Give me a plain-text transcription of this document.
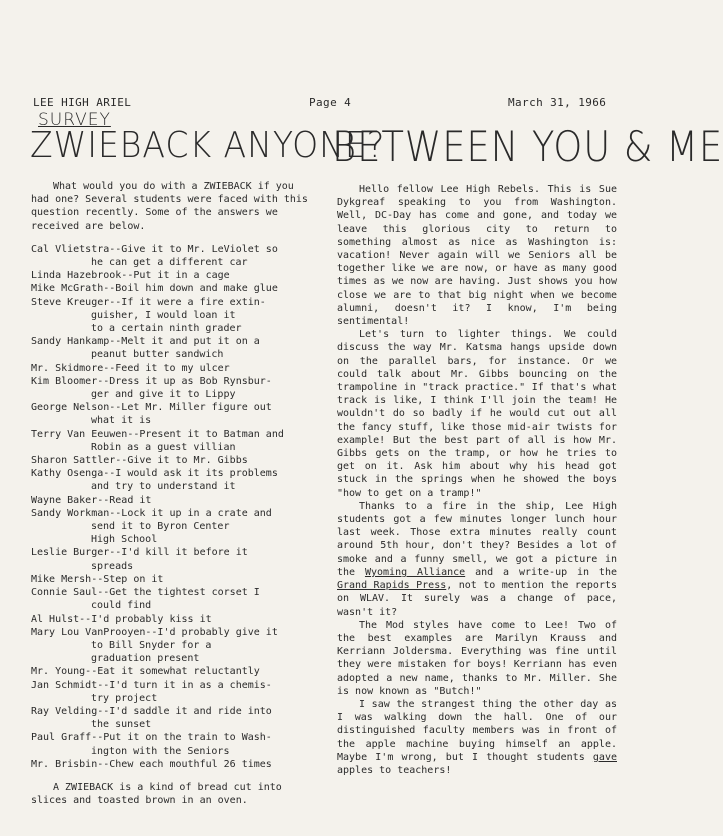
LEE HIGH ARIEL	Page 4	March 31, 1966
SURVEY
ZWIEBACK ANYONE?
BETWEEN YOU & ME

What would you do with a ZWIEBACK if you had one? Several students were faced with this question recently. Some of the answers we received are below.

Cal Vlietstra--Give it to Mr. LeViolet so
he can get a different car
Linda Hazebrook--Put it in a cage
Mike McGrath--Boil him down and make glue
Steve Kreuger--If it were a fire extin-
guisher, I would loan it
to a certain ninth grader
Sandy Hankamp--Melt it and put it on a
peanut butter sandwich
Mr. Skidmore--Feed it to my ulcer
Kim Bloomer--Dress it up as Bob Rynsbur-
ger and give it to Lippy
George Nelson--Let Mr. Miller figure out
what it is
Terry Van Eeuwen--Present it to Batman and
Robin as a guest villian
Sharon Sattler--Give it to Mr. Gibbs
Kathy Osenga--I would ask it its problems
and try to understand it
Wayne Baker--Read it
Sandy Workman--Lock it up in a crate and
send it to Byron Center
High School
Leslie Burger--I'd kill it before it
spreads
Mike Mersh--Step on it
Connie Saul--Get the tightest corset I
could find
Al Hulst--I'd probably kiss it
Mary Lou VanProoyen--I'd probably give it
to Bill Snyder for a
graduation present
Mr. Young--Eat it somewhat reluctantly
Jan Schmidt--I'd turn it in as a chemis-
try project
Ray Velding--I'd saddle it and ride into
the sunset
Paul Graff--Put it on the train to Wash-
ington with the Seniors
Mr. Brisbin--Chew each mouthful 26 times

A ZWIEBACK is a kind of bread cut into slices and toasted brown in an oven.

Hello fellow Lee High Rebels. This is Sue Dykgreaf speaking to you from Washington. Well, DC-Day has come and gone, and today we leave this glorious city to return to something almost as nice as Washington is: vacation! Never again will we Seniors all be together like we are now, or have as many good times as we now are having. Just shows you how close we are to that big night when we become alumni, doesn't it? I know, I'm being sentimental!

Let's turn to lighter things. We could discuss the way Mr. Katsma hangs upside down on the parallel bars, for instance. Or we could talk about Mr. Gibbs bouncing on the trampoline in "track practice." If that's what track is like, I think I'll join the team! He wouldn't do so badly if he would cut out all the fancy stuff, like those mid-air twists for example! But the best part of all is how Mr. Gibbs gets on the tramp, or how he tries to get on it. Ask him about why his head got stuck in the springs when he showed the boys "how to get on a tramp!"

Thanks to a fire in the ship, Lee High students got a few minutes longer lunch hour last week. Those extra minutes really count around 5th hour, don't they? Besides a lot of smoke and a funny smell, we got a picture in the Wyoming Alliance and a write-up in the Grand Rapids Press, not to mention the reports on WLAV. It surely was a change of pace, wasn't it?

The Mod styles have come to Lee! Two of the best examples are Marilyn Krauss and Kerriann Joldersma. Everything was fine until they were mistaken for boys! Kerriann has even adopted a new name, thanks to Mr. Miller. She is now known as "Butch!"

I saw the strangest thing the other day as I was walking down the hall. One of our distinguished faculty members was in front of the apple machine buying himself an apple. Maybe I'm wrong, but I thought students gave apples to teachers!
